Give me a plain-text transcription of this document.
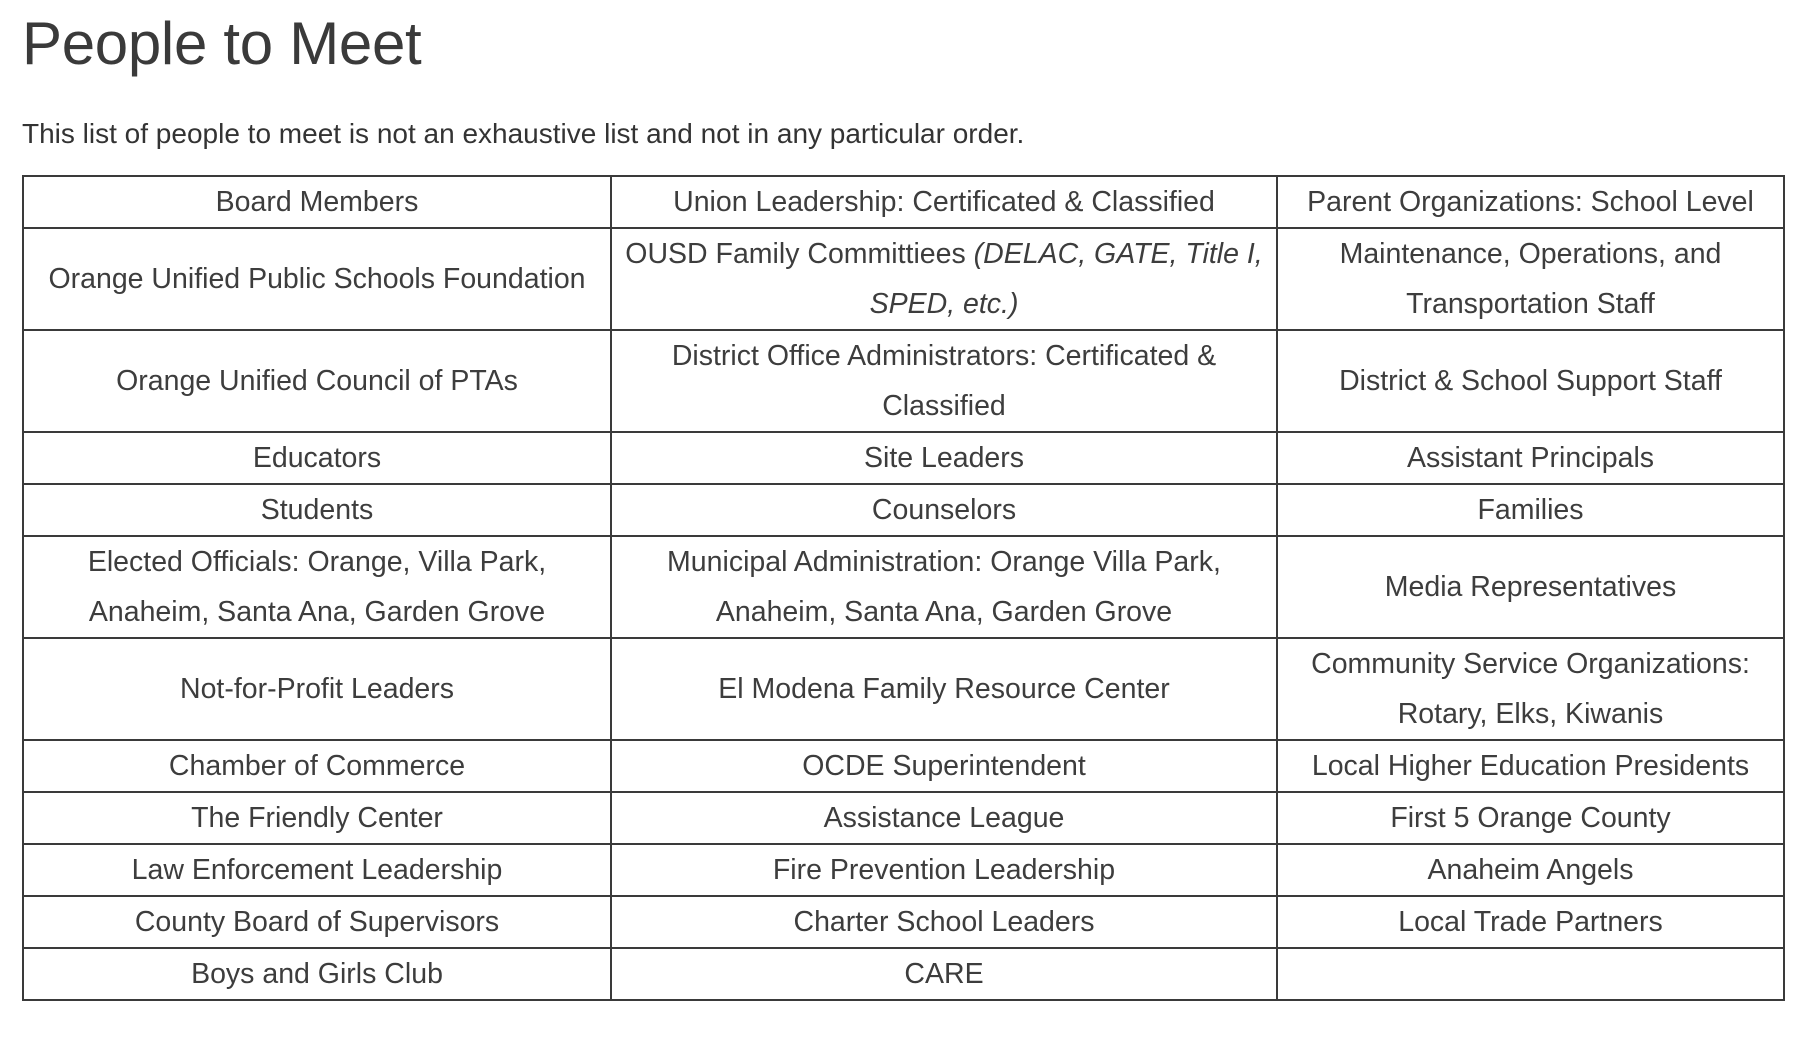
People to Meet

This list of people to meet is not an exhaustive list and not in any particular order.

Board Members	Union Leadership: Certificated & Classified	Parent Organizations: School Level
Orange Unified Public Schools Foundation	OUSD Family Committiees (DELAC, GATE, Title I, SPED, etc.)	Maintenance, Operations, and Transportation Staff
Orange Unified Council of PTAs	District Office Administrators: Certificated & Classified	District & School Support Staff
Educators	Site Leaders	Assistant Principals
Students	Counselors	Families
Elected Officials: Orange, Villa Park, Anaheim, Santa Ana, Garden Grove	Municipal Administration: Orange Villa Park, Anaheim, Santa Ana, Garden Grove	Media Representatives
Not-for-Profit Leaders	El Modena Family Resource Center	Community Service Organizations: Rotary, Elks, Kiwanis
Chamber of Commerce	OCDE Superintendent	Local Higher Education Presidents
The Friendly Center	Assistance League	First 5 Orange County
Law Enforcement Leadership	Fire Prevention Leadership	Anaheim Angels
County Board of Supervisors	Charter School Leaders	Local Trade Partners
Boys and Girls Club	CARE	
